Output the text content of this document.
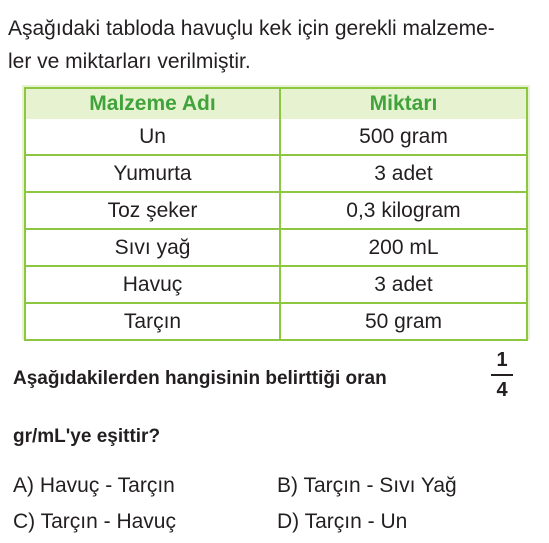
Aşağıdaki tabloda havuçlu kek için gerekli malzeme-
ler ve miktarları verilmiştir.
Malzeme Adı	Miktarı
Un	500 gram
Yumurta	3 adet
Toz şeker	0,3 kilogram
Sıvı yağ	200 mL
Havuç	3 adet
Tarçın	50 gram
Aşağıdakilerden hangisinin belirttiği oran
1
4
gr/mL'ye eşittir?
A) Havuç - Tarçın	B) Tarçın - Sıvı Yağ
C) Tarçın - Havuç	D) Tarçın - Un
